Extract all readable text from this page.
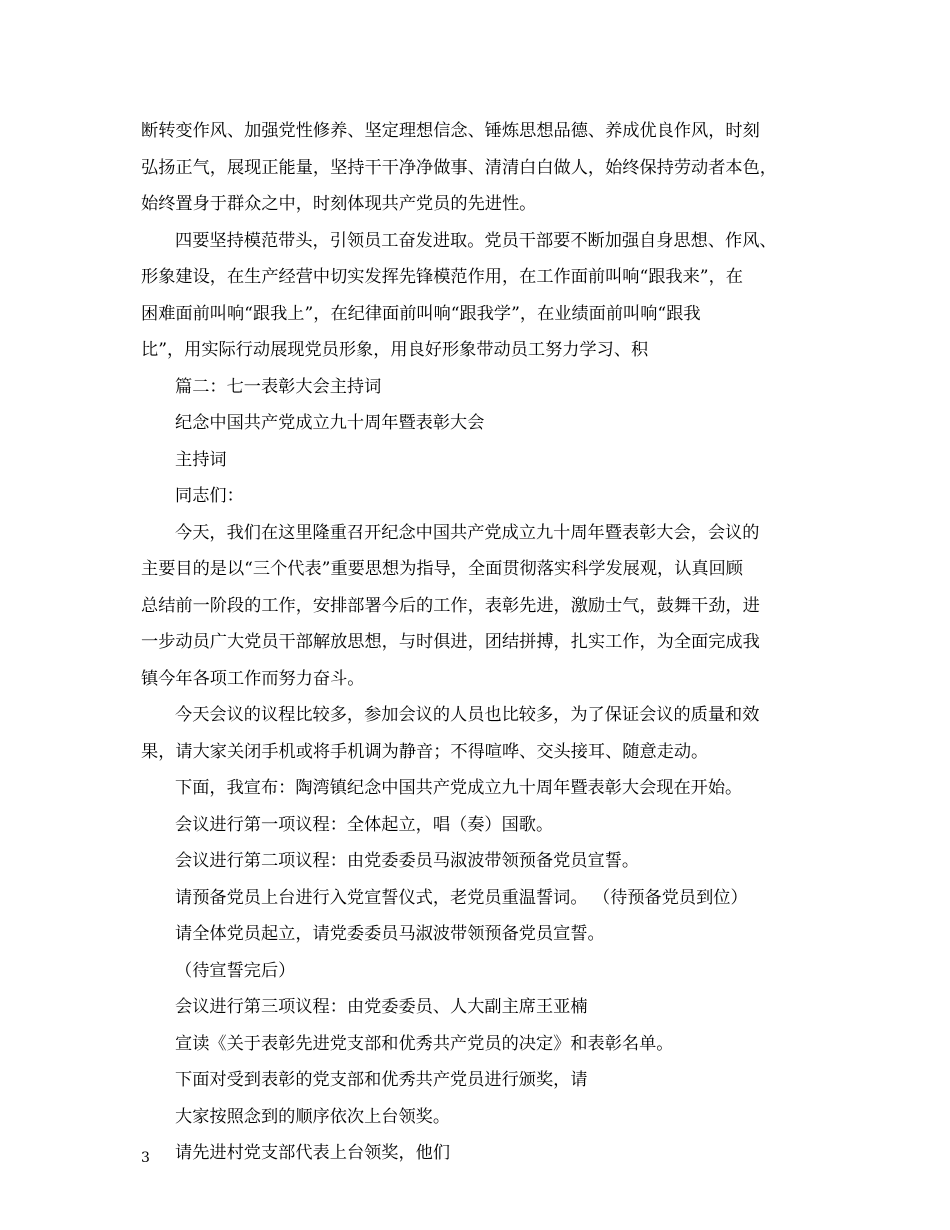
断转变作风、加强党性修养、坚定理想信念、锤炼思想品德、养成优良作风，时刻
弘扬正气，展现正能量，坚持干干净净做事、清清白白做人，始终保持劳动者本色，
始终置身于群众之中，时刻体现共产党员的先进性。
四要坚持模范带头，引领员工奋发进取。党员干部要不断加强自身思想、作风、
形象建设，在生产经营中切实发挥先锋模范作用，在工作面前叫响“跟我来”，在
困难面前叫响“跟我上”，在纪律面前叫响“跟我学”，在业绩面前叫响“跟我
比”，用实际行动展现党员形象，用良好形象带动员工努力学习、积
篇二：七一表彰大会主持词
纪念中国共产党成立九十周年暨表彰大会
主持词
同志们：
今天，我们在这里隆重召开纪念中国共产党成立九十周年暨表彰大会，会议的
主要目的是以“三个代表”重要思想为指导，全面贯彻落实科学发展观，认真回顾
总结前一阶段的工作，安排部署今后的工作，表彰先进，激励士气，鼓舞干劲，进
一步动员广大党员干部解放思想，与时俱进，团结拼搏，扎实工作，为全面完成我
镇今年各项工作而努力奋斗。
今天会议的议程比较多，参加会议的人员也比较多，为了保证会议的质量和效
果，请大家关闭手机或将手机调为静音；不得喧哗、交头接耳、随意走动。
下面，我宣布：陶湾镇纪念中国共产党成立九十周年暨表彰大会现在开始。
会议进行第一项议程：全体起立，唱（奏）国歌。
会议进行第二项议程：由党委委员马淑波带领预备党员宣誓。
请预备党员上台进行入党宣誓仪式，老党员重温誓词。 （待预备党员到位）
请全体党员起立，请党委委员马淑波带领预备党员宣誓。
（待宣誓完后）
会议进行第三项议程：由党委委员、人大副主席王亚楠
宣读《关于表彰先进党支部和优秀共产党员的决定》和表彰名单。
下面对受到表彰的党支部和优秀共产党员进行颁奖，请
大家按照念到的顺序依次上台领奖。
请先进村党支部代表上台领奖，他们
3
